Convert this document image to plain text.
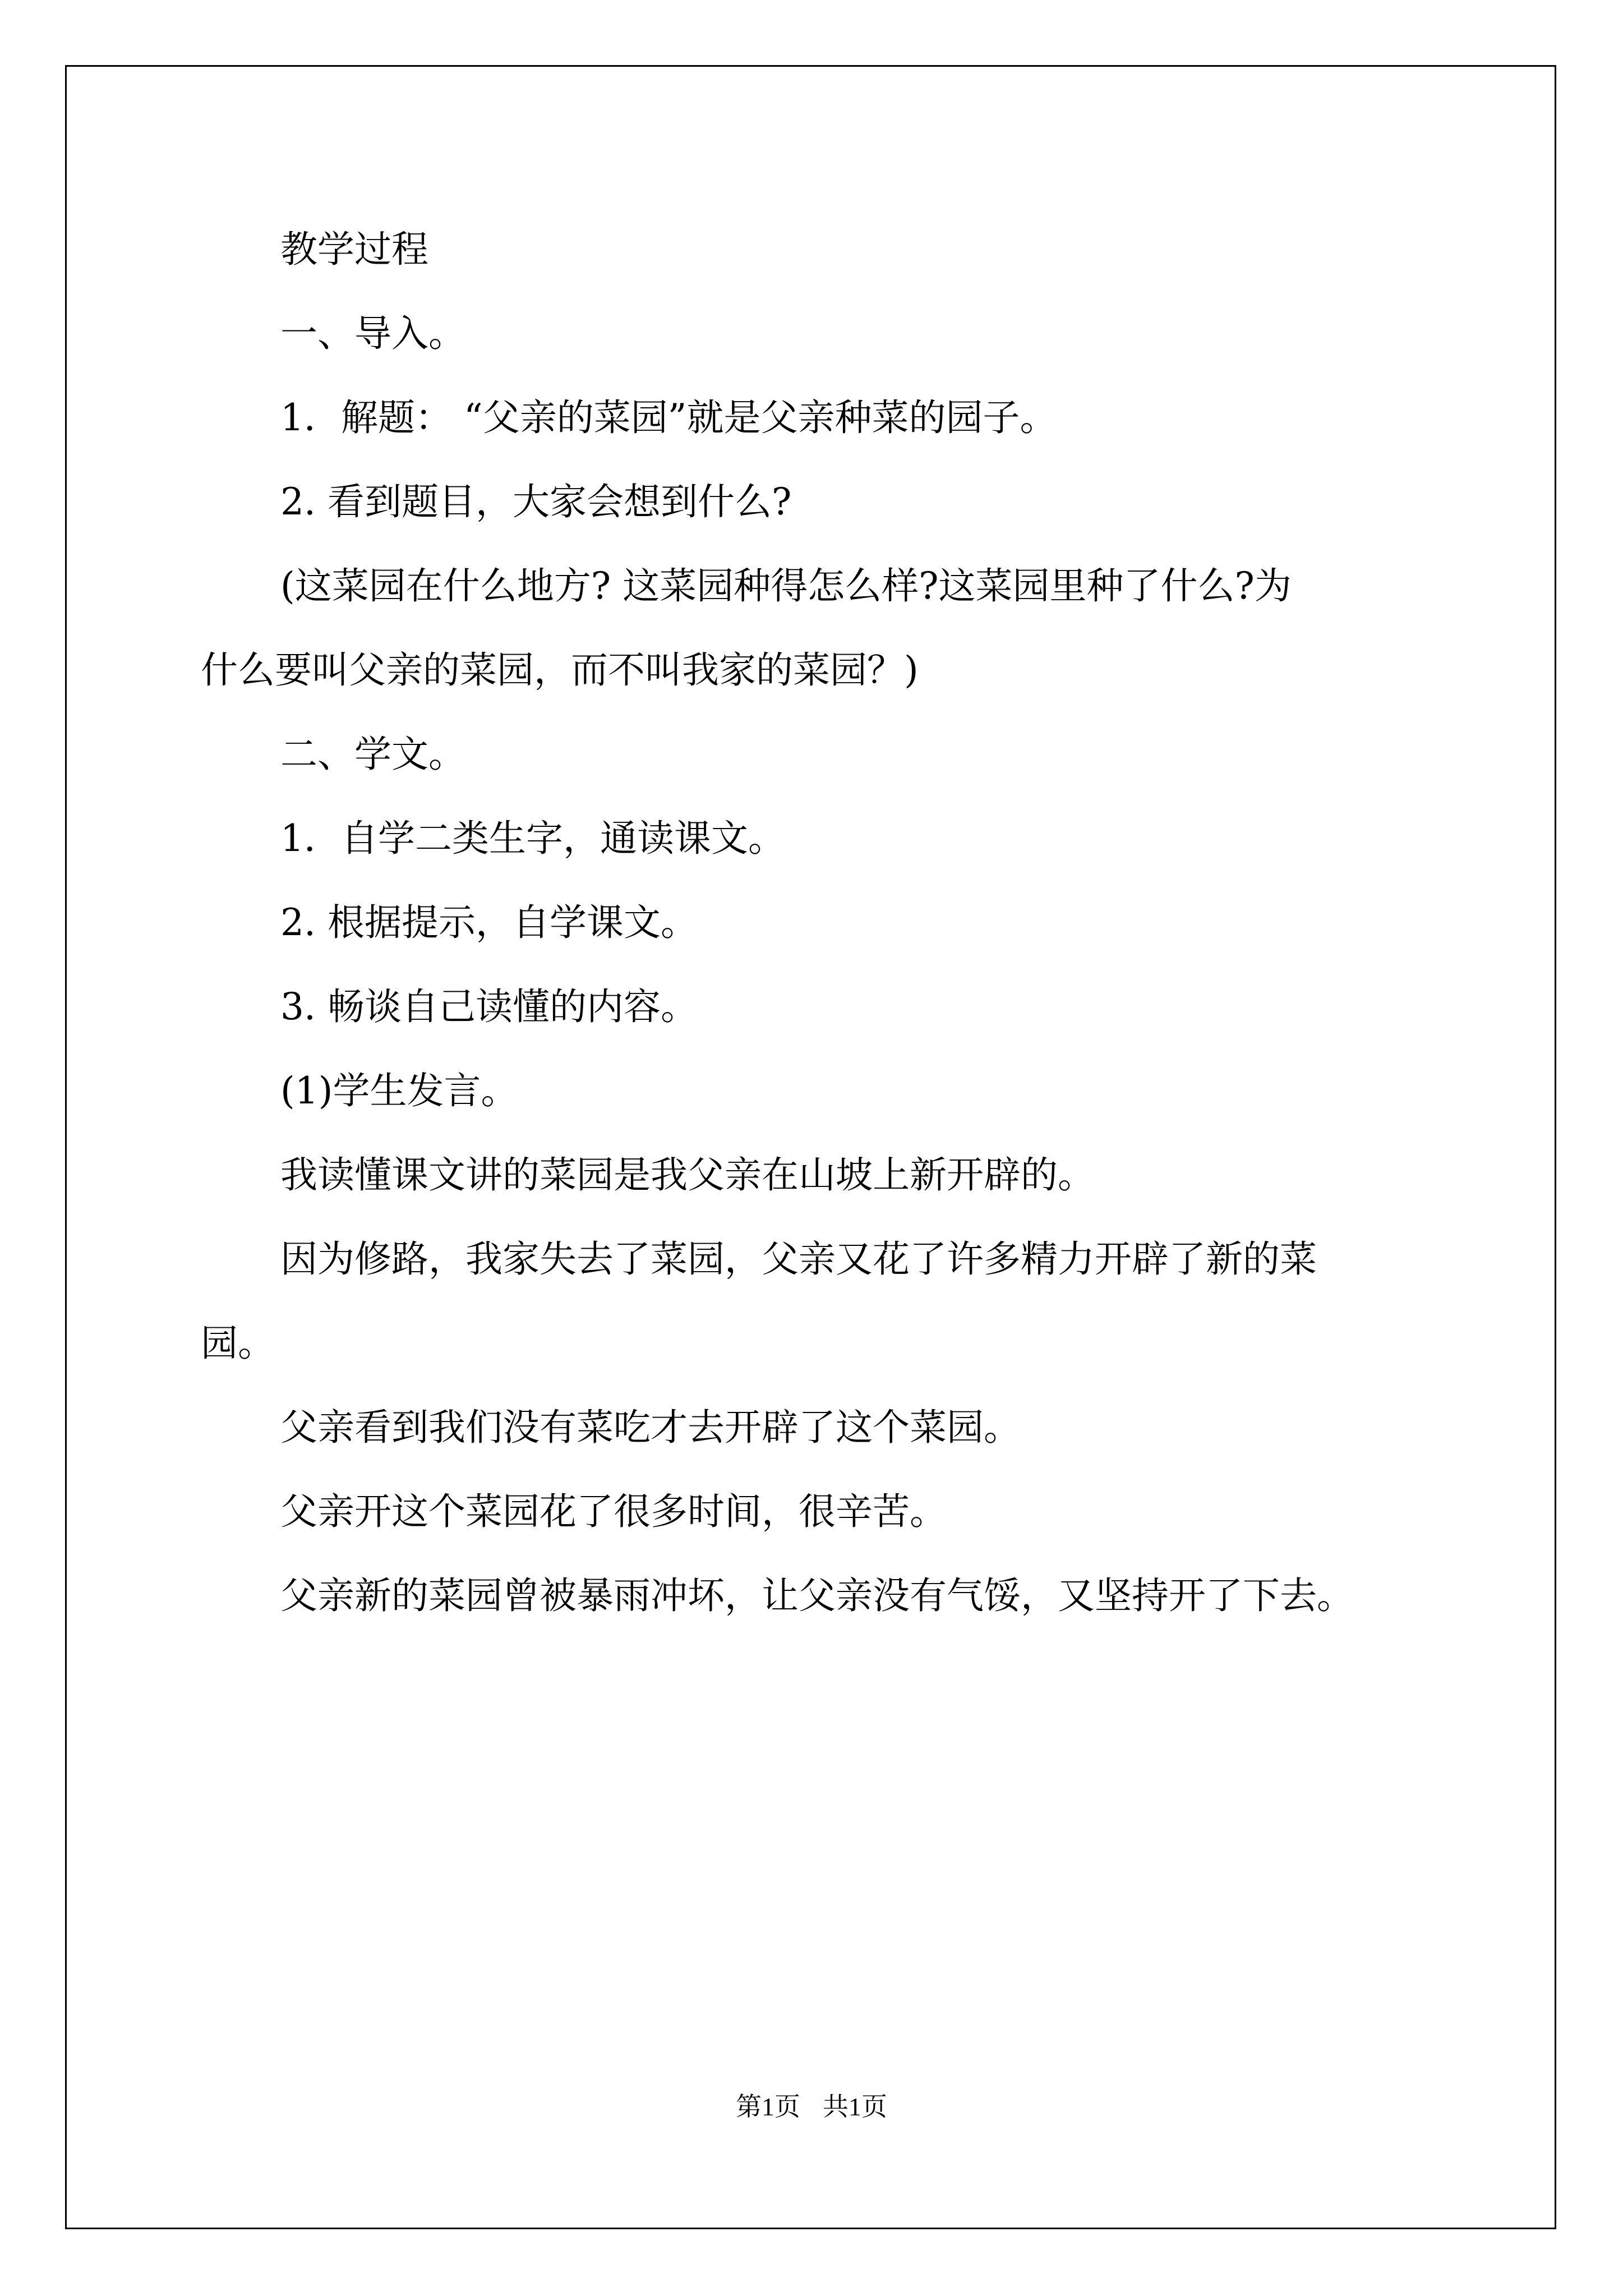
教学过程
一、导入。
1．解题： “父亲的菜园”就是父亲种菜的园子。
2. 看到题目，大家会想到什么?
(这菜园在什么地方? 这菜园种得怎么样?这菜园里种了什么?为
什么要叫父亲的菜园，而不叫我家的菜园？)
二、学文。
1．自学二类生字，通读课文。
2. 根据提示，自学课文。
3. 畅谈自己读懂的内容。
(1)学生发言。
我读懂课文讲的菜园是我父亲在山坡上新开辟的。
因为修路，我家失去了菜园，父亲又花了许多精力开辟了新的菜
园。
父亲看到我们没有菜吃才去开辟了这个菜园。
父亲开这个菜园花了很多时间，很辛苦。
父亲新的菜园曾被暴雨冲坏，让父亲没有气馁，又坚持开了下去。
第1页 共1页
